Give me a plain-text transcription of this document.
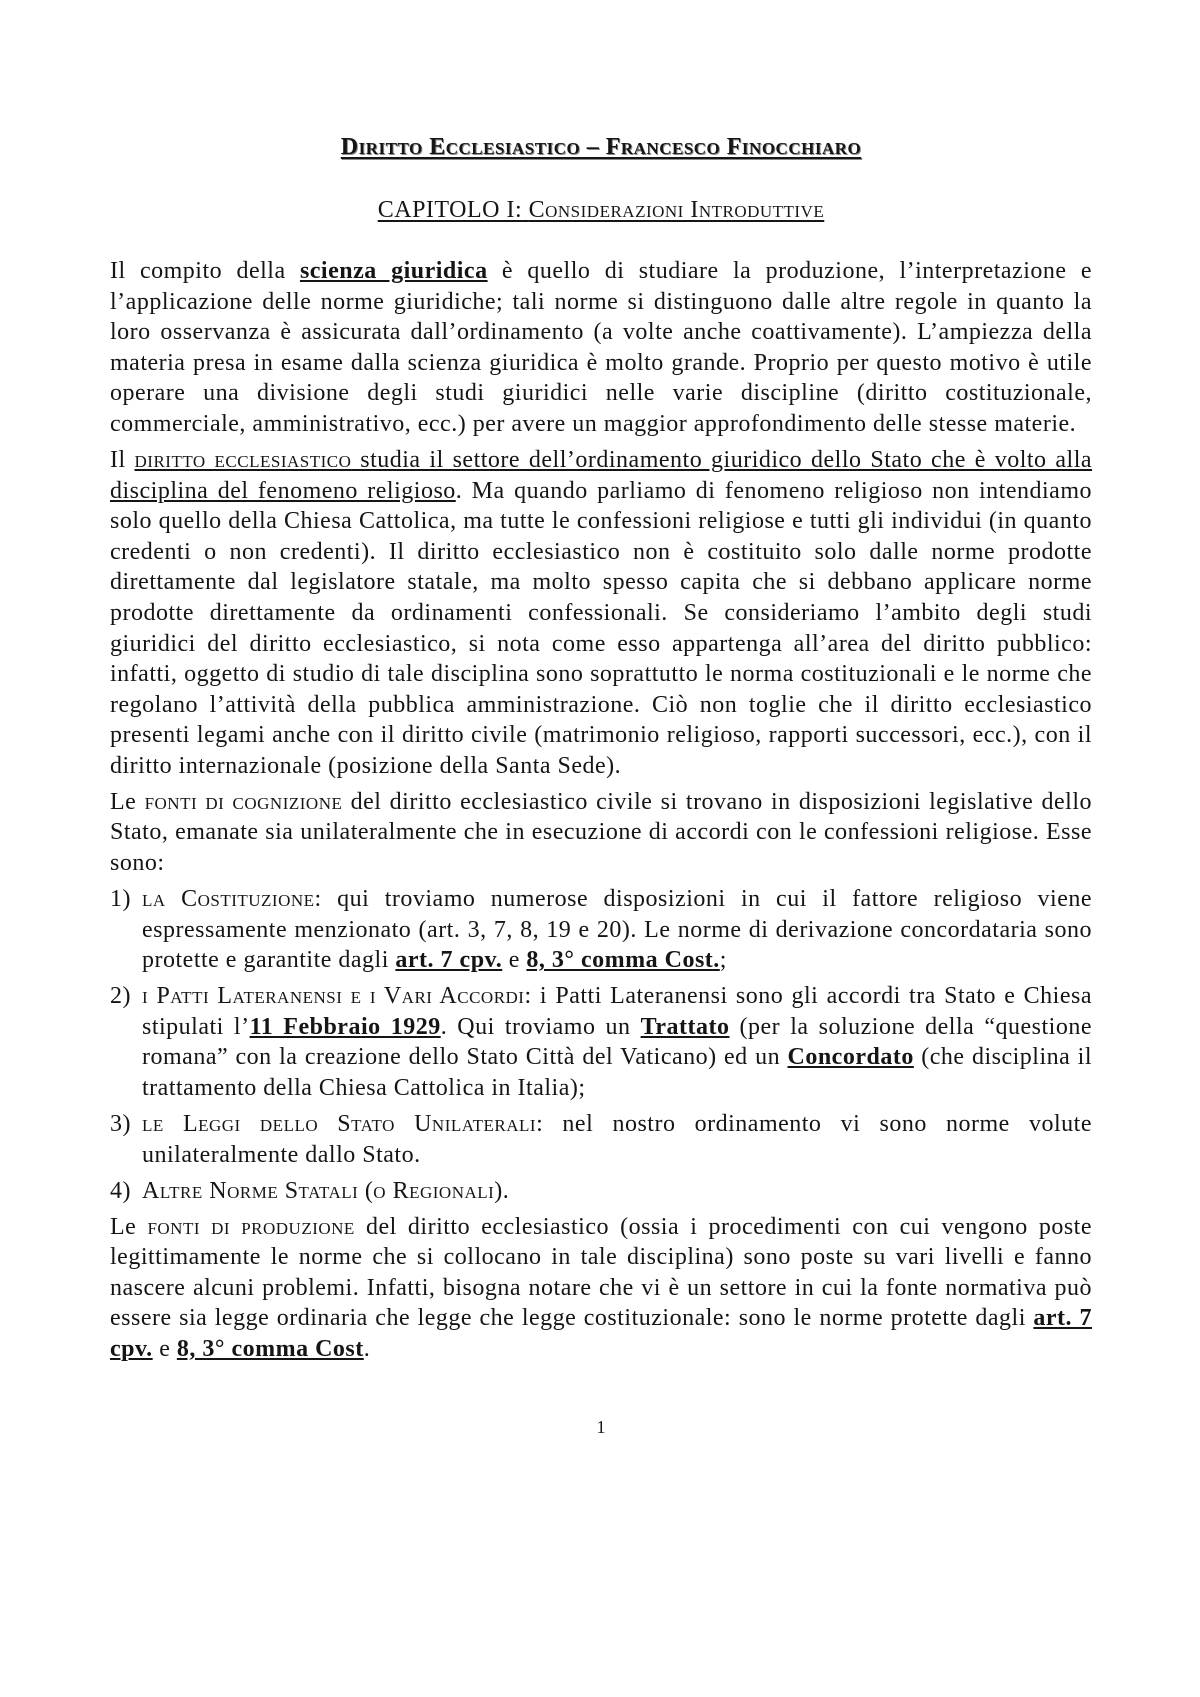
Diritto Ecclesiastico – Francesco Finocchiaro
CAPITOLO I: Considerazioni Introduttive

Il compito della scienza giuridica è quello di studiare la produzione, l’interpretazione e l’applicazione delle norme giuridiche; tali norme si distinguono dalle altre regole in quanto la loro osservanza è assicurata dall’ordinamento (a volte anche coattivamente). L’ampiezza della materia presa in esame dalla scienza giuridica è molto grande. Proprio per questo motivo è utile operare una divisione degli studi giuridici nelle varie discipline (diritto costituzionale, commerciale, amministrativo, ecc.) per avere un maggior approfondimento delle stesse materie.

Il diritto ecclesiastico studia il settore dell’ordinamento giuridico dello Stato che è volto alla disciplina del fenomeno religioso. Ma quando parliamo di fenomeno religioso non intendiamo solo quello della Chiesa Cattolica, ma tutte le confessioni religiose e tutti gli individui (in quanto credenti o non credenti). Il diritto ecclesiastico non è costituito solo dalle norme prodotte direttamente dal legislatore statale, ma molto spesso capita che si debbano applicare norme prodotte direttamente da ordinamenti confessionali. Se consideriamo l’ambito degli studi giuridici del diritto ecclesiastico, si nota come esso appartenga all’area del diritto pubblico: infatti, oggetto di studio di tale disciplina sono soprattutto le norma costituzionali e le norme che regolano l’attività della pubblica amministrazione. Ciò non toglie che il diritto ecclesiastico presenti legami anche con il diritto civile (matrimonio religioso, rapporti successori, ecc.), con il diritto internazionale (posizione della Santa Sede).

Le fonti di cognizione del diritto ecclesiastico civile si trovano in disposizioni legislative dello Stato, emanate sia unilateralmente che in esecuzione di accordi con le confessioni religiose. Esse sono:

1) la Costituzione: qui troviamo numerose disposizioni in cui il fattore religioso viene espressamente menzionato (art. 3, 7, 8, 19 e 20). Le norme di derivazione concordataria sono protette e garantite dagli art. 7 cpv. e 8, 3° comma Cost.;
2) i Patti Lateranensi e i Vari Accordi: i Patti Lateranensi sono gli accordi tra Stato e Chiesa stipulati l’11 Febbraio 1929. Qui troviamo un Trattato (per la soluzione della “questione romana” con la creazione dello Stato Città del Vaticano) ed un Concordato (che disciplina il trattamento della Chiesa Cattolica in Italia);
3) le Leggi dello Stato Unilaterali: nel nostro ordinamento vi sono norme volute unilateralmente dallo Stato.
4) Altre Norme Statali (o Regionali).

Le fonti di produzione del diritto ecclesiastico (ossia i procedimenti con cui vengono poste legittimamente le norme che si collocano in tale disciplina) sono poste su vari livelli e fanno nascere alcuni problemi. Infatti, bisogna notare che vi è un settore in cui la fonte normativa può essere sia legge ordinaria che legge che legge costituzionale: sono le norme protette dagli art. 7 cpv. e 8, 3° comma Cost.

1
